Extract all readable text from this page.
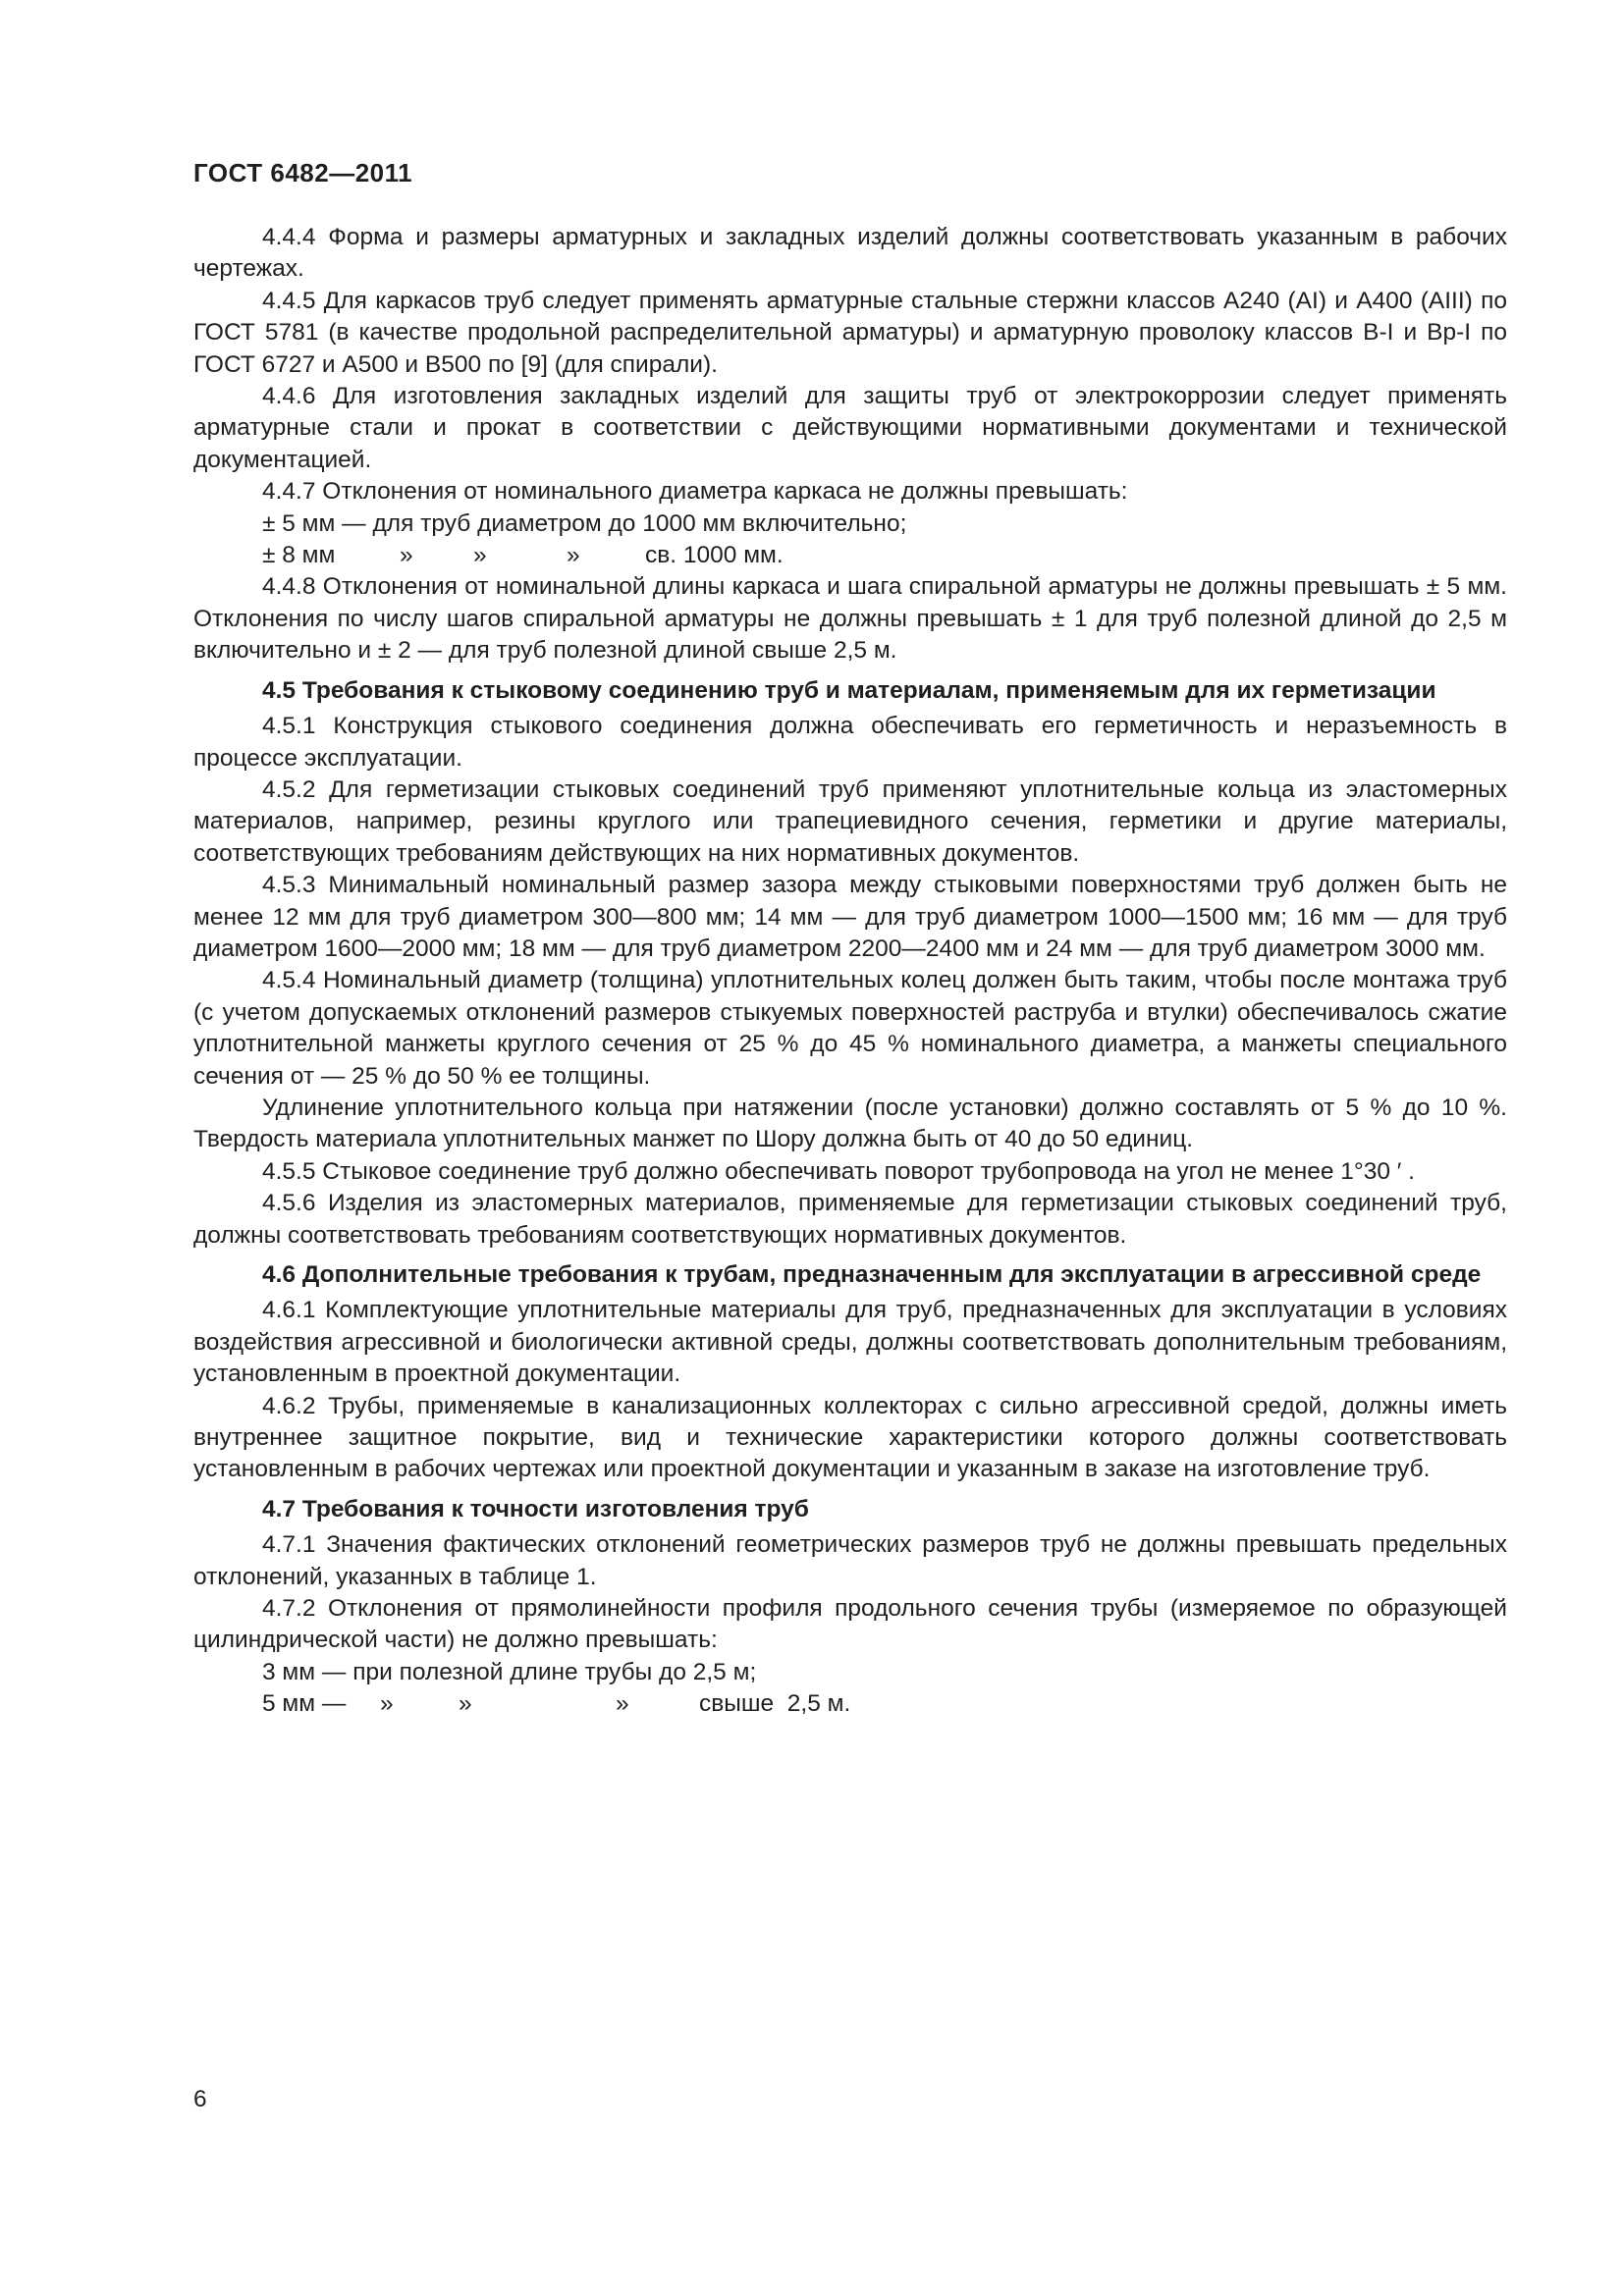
ГОСТ 6482—2011

4.4.4 Форма и размеры арматурных и закладных изделий должны соответствовать указанным в рабочих чертежах.

4.4.5 Для каркасов труб следует применять арматурные стальные стержни классов А240 (АI) и А400 (АIII) по ГОСТ 5781 (в качестве продольной распределительной арматуры) и арматурную проволоку классов В-I и Вр-I по ГОСТ 6727 и А500 и В500 по [9] (для спирали).

4.4.6 Для изготовления закладных изделий для защиты труб от электрокоррозии следует применять арматурные стали и прокат в соответствии с действующими нормативными документами и технической документацией.

4.4.7 Отклонения от номинального диаметра каркаса не должны превышать:

± 5 мм — для труб диаметром до 1000 мм включительно;

± 8 мм	»	»	»	св. 1000 мм.

4.4.8 Отклонения от номинальной длины каркаса и шага спиральной арматуры не должны превышать ± 5 мм. Отклонения по числу шагов спиральной арматуры не должны превышать ± 1 для труб полезной длиной до 2,5 м включительно и ± 2 — для труб полезной длиной свыше 2,5 м.

4.5 Требования к стыковому соединению труб и материалам, применяемым для их герметизации

4.5.1 Конструкция стыкового соединения должна обеспечивать его герметичность и неразъемность в процессе эксплуатации.

4.5.2 Для герметизации стыковых соединений труб применяют уплотнительные кольца из эластомерных материалов, например, резины круглого или трапециевидного сечения, герметики и другие материалы, соответствующих требованиям действующих на них нормативных документов.

4.5.3 Минимальный номинальный размер зазора между стыковыми поверхностями труб должен быть не менее 12 мм для труб диаметром 300—800 мм; 14 мм — для труб диаметром 1000—1500 мм; 16 мм — для труб диаметром 1600—2000 мм; 18 мм — для труб диаметром 2200—2400 мм и 24 мм — для труб диаметром 3000 мм.

4.5.4 Номинальный диаметр (толщина) уплотнительных колец должен быть таким, чтобы после монтажа труб (с учетом допускаемых отклонений размеров стыкуемых поверхностей раструба и втулки) обеспечивалось сжатие уплотнительной манжеты круглого сечения от 25 % до 45 % номинального диаметра, а манжеты специального сечения от — 25 % до 50 % ее толщины.

Удлинение уплотнительного кольца при натяжении (после установки) должно составлять от 5 % до 10 %. Твердость материала уплотнительных манжет по Шору должна быть от 40 до 50 единиц.

4.5.5 Стыковое соединение труб должно обеспечивать поворот трубопровода на угол не менее 1°30 ′ .

4.5.6 Изделия из эластомерных материалов, применяемые для герметизации стыковых соединений труб, должны соответствовать требованиям соответствующих нормативных документов.

4.6 Дополнительные требования к трубам, предназначенным для эксплуатации в агрессивной среде

4.6.1 Комплектующие уплотнительные материалы для труб, предназначенных для эксплуатации в условиях воздействия агрессивной и биологически активной среды, должны соответствовать дополнительным требованиям, установленным в проектной документации.

4.6.2 Трубы, применяемые в канализационных коллекторах с сильно агрессивной средой, должны иметь внутреннее защитное покрытие, вид и технические характеристики которого должны соответствовать установленным в рабочих чертежах или проектной документации и указанным в заказе на изготовление труб.

4.7 Требования к точности изготовления труб

4.7.1 Значения фактических отклонений геометрических размеров труб не должны превышать предельных отклонений, указанных в таблице 1.

4.7.2 Отклонения от прямолинейности профиля продольного сечения трубы (измеряемое по образующей цилиндрической части) не должно превышать:

3 мм — при полезной длине трубы до 2,5 м;

5 мм —	»	»	»	свыше  2,5 м.
6
